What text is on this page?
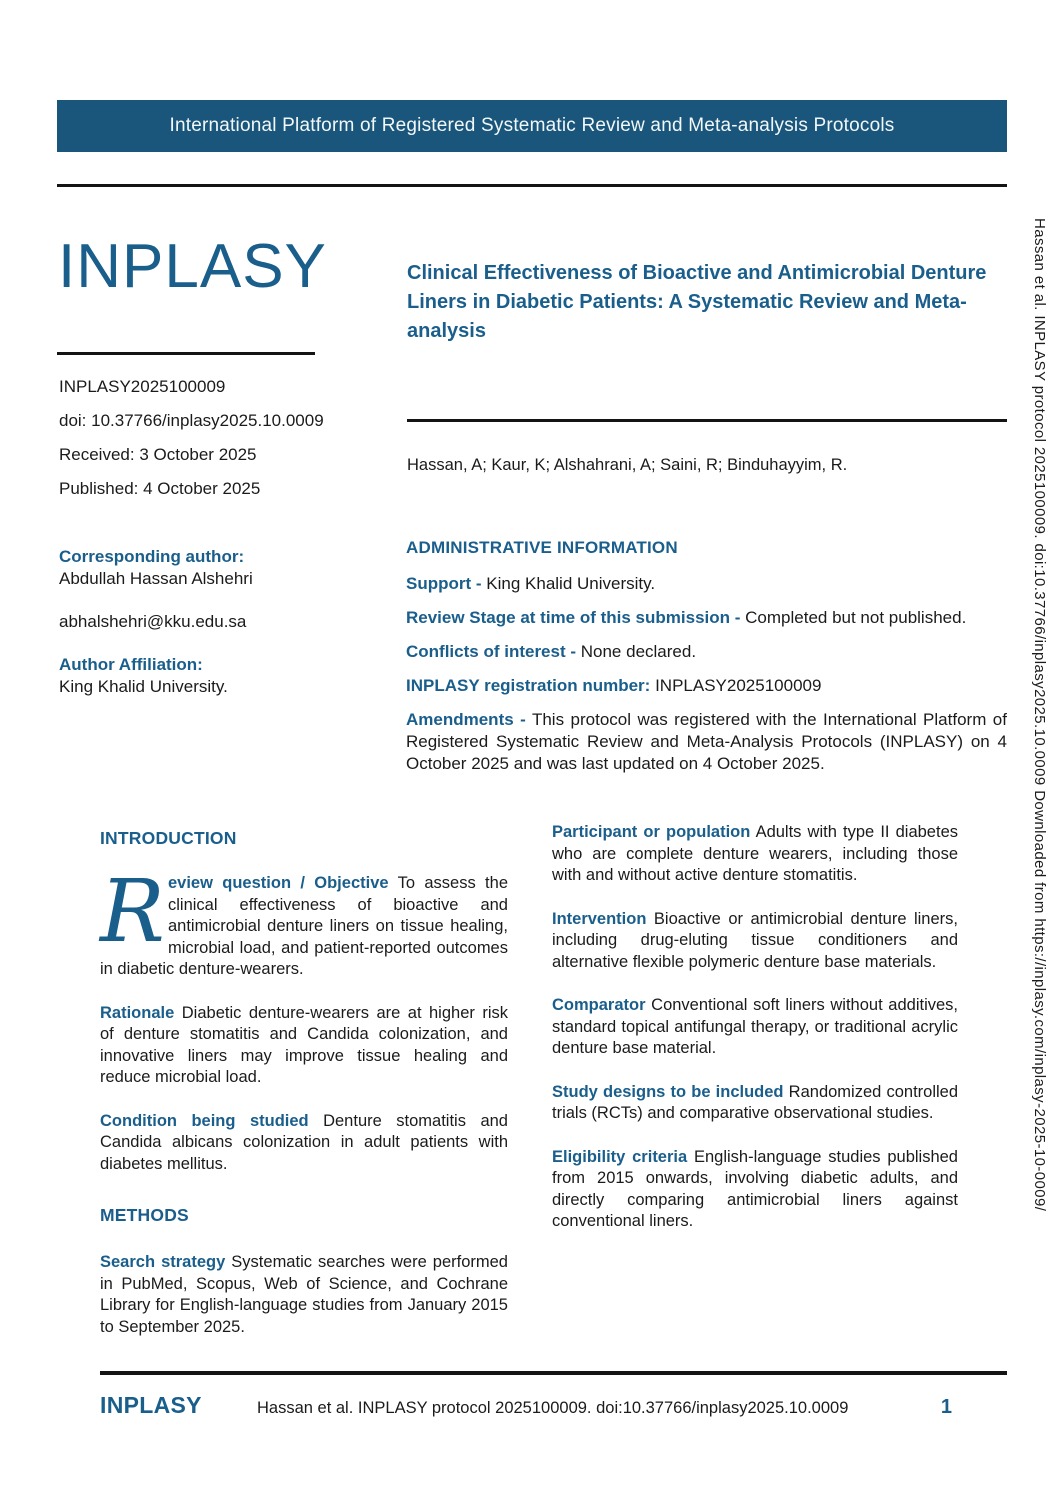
International Platform of Registered Systematic Review and Meta-analysis Protocols
INPLASY

INPLASY2025100009

doi: 10.37766/inplasy2025.10.0009

Received: 3 October 2025

Published: 4 October 2025

Clinical Effectiveness of Bioactive and Antimicrobial Denture Liners in Diabetic Patients: A Systematic Review and Meta-analysis

Hassan, A; Kaur, K; Alshahrani, A; Saini, R; Binduhayyim, R.

Corresponding author:

Abdullah Hassan Alshehri

abhalshehri@kku.edu.sa

Author Affiliation:

King Khalid University.

ADMINISTRATIVE INFORMATION

Support - King Khalid University.

Review Stage at time of this submission - Completed but not published.

Conflicts of interest - None declared.

INPLASY registration number: INPLASY2025100009

Amendments - This protocol was registered with the International Platform of Registered Systematic Review and Meta-Analysis Protocols (INPLASY) on 4 October 2025 and was last updated on 4 October 2025.

INTRODUCTION

Review question / Objective To assess the clinical effectiveness of bioactive and antimicrobial denture liners on tissue healing, microbial load, and patient-reported outcomes in diabetic denture-wearers.

Rationale Diabetic denture-wearers are at higher risk of denture stomatitis and Candida colonization, and innovative liners may improve tissue healing and reduce microbial load.

Condition being studied Denture stomatitis and Candida albicans colonization in adult patients with diabetes mellitus.

METHODS

Search strategy Systematic searches were performed in PubMed, Scopus, Web of Science, and Cochrane Library for English-language studies from January 2015 to September 2025.

Participant or population Adults with type II diabetes who are complete denture wearers, including those with and without active denture stomatitis.

Intervention Bioactive or antimicrobial denture liners, including drug-eluting tissue conditioners and alternative flexible polymeric denture base materials.

Comparator Conventional soft liners without additives, standard topical antifungal therapy, or traditional acrylic denture base material.

Study designs to be included Randomized controlled trials (RCTs) and comparative observational studies.

Eligibility criteria English-language studies published from 2015 onwards, involving diabetic adults, and directly comparing antimicrobial liners against conventional liners.

INPLASY	Hassan et al. INPLASY protocol 2025100009. doi:10.37766/inplasy2025.10.0009	1
Hassan et al. INPLASY protocol 2025100009. doi:10.37766/inplasy2025.10.0009 Downloaded from https://inplasy.com/inplasy-2025-10-0009/
